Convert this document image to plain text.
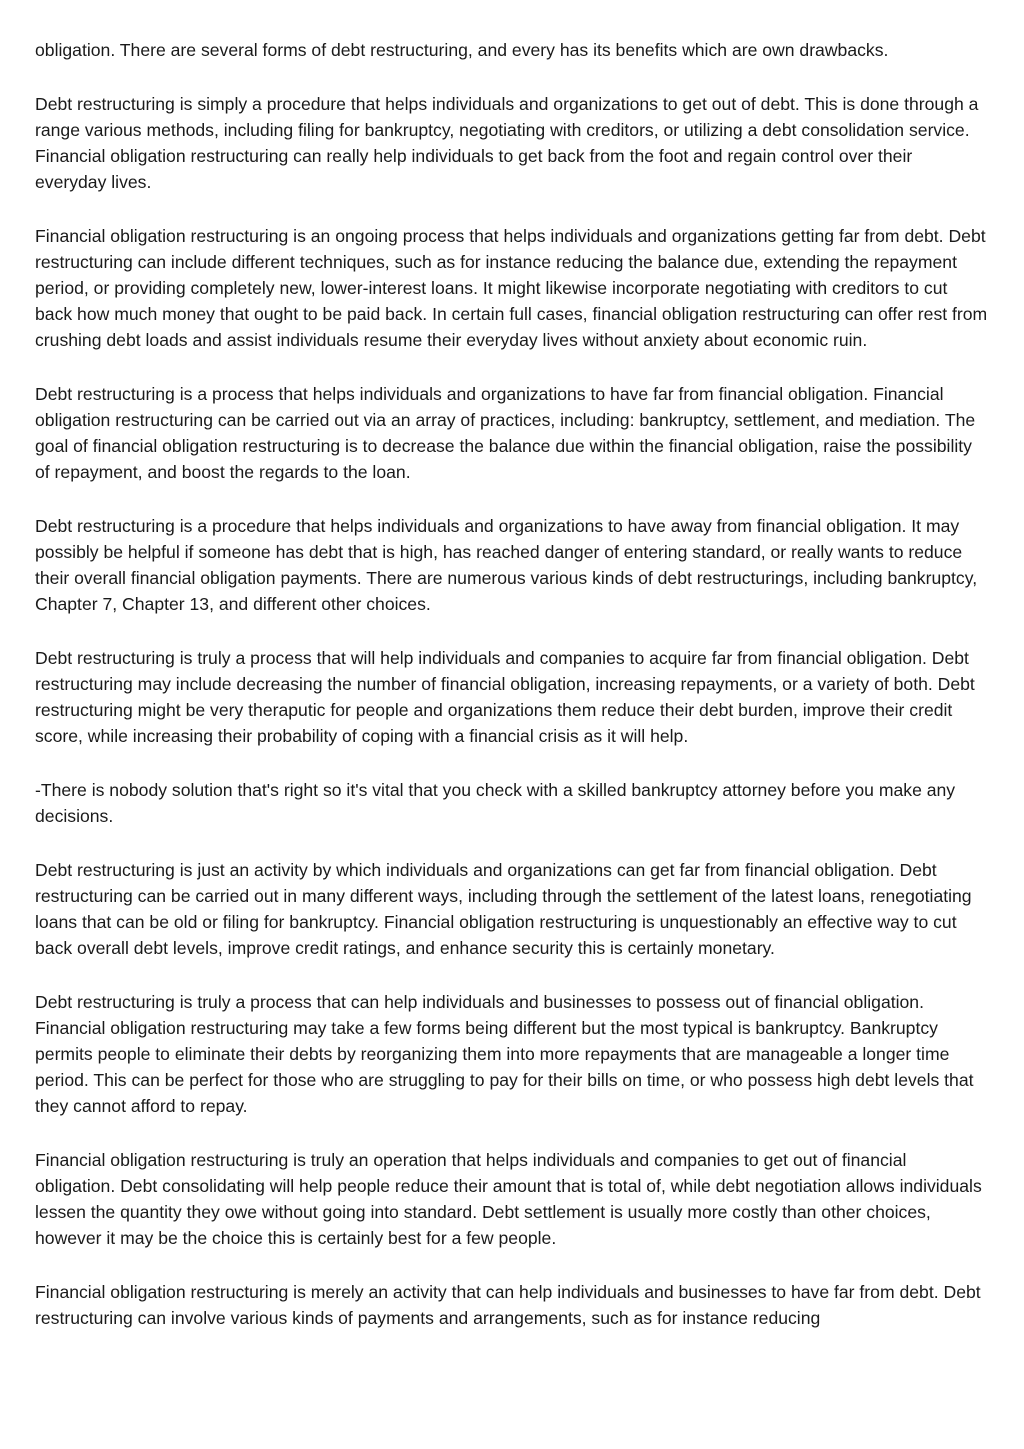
obligation. There are several forms of debt restructuring, and every has its benefits which are own drawbacks.

Debt restructuring is simply a procedure that helps individuals and organizations to get out of debt. This is done through a range various methods, including filing for bankruptcy, negotiating with creditors, or utilizing a debt consolidation service. Financial obligation restructuring can really help individuals to get back from the foot and regain control over their everyday lives.

Financial obligation restructuring is an ongoing process that helps individuals and organizations getting far from debt. Debt restructuring can include different techniques, such as for instance reducing the balance due, extending the repayment period, or providing completely new, lower-interest loans. It might likewise incorporate negotiating with creditors to cut back how much money that ought to be paid back. In certain full cases, financial obligation restructuring can offer rest from crushing debt loads and assist individuals resume their everyday lives without anxiety about economic ruin.

Debt restructuring is a process that helps individuals and organizations to have far from financial obligation. Financial obligation restructuring can be carried out via an array of practices, including: bankruptcy, settlement, and mediation. The goal of financial obligation restructuring is to decrease the balance due within the financial obligation, raise the possibility of repayment, and boost the regards to the loan.

Debt restructuring is a procedure that helps individuals and organizations to have away from financial obligation. It may possibly be helpful if someone has debt that is high, has reached danger of entering standard, or really wants to reduce their overall financial obligation payments. There are numerous various kinds of debt restructurings, including bankruptcy, Chapter 7, Chapter 13, and different other choices.

Debt restructuring is truly a process that will help individuals and companies to acquire far from financial obligation. Debt restructuring may include decreasing the number of financial obligation, increasing repayments, or a variety of both. Debt restructuring might be very theraputic for people and organizations them reduce their debt burden, improve their credit score, while increasing their probability of coping with a financial crisis as it will help.

-There is nobody solution that's right so it's vital that you check with a skilled bankruptcy attorney before you make any decisions.

Debt restructuring is just an activity by which individuals and organizations can get far from financial obligation. Debt restructuring can be carried out in many different ways, including through the settlement of the latest loans, renegotiating loans that can be old or filing for bankruptcy. Financial obligation restructuring is unquestionably an effective way to cut back overall debt levels, improve credit ratings, and enhance security this is certainly monetary.

Debt restructuring is truly a process that can help individuals and businesses to possess out of financial obligation. Financial obligation restructuring may take a few forms being different but the most typical is bankruptcy. Bankruptcy permits people to eliminate their debts by reorganizing them into more repayments that are manageable a longer time period. This can be perfect for those who are struggling to pay for their bills on time, or who possess high debt levels that they cannot afford to repay.

Financial obligation restructuring is truly an operation that helps individuals and companies to get out of financial obligation. Debt consolidating will help people reduce their amount that is total of, while debt negotiation allows individuals lessen the quantity they owe without going into standard. Debt settlement is usually more costly than other choices, however it may be the choice this is certainly best for a few people.

Financial obligation restructuring is merely an activity that can help individuals and businesses to have far from debt. Debt restructuring can involve various kinds of payments and arrangements, such as for instance reducing
